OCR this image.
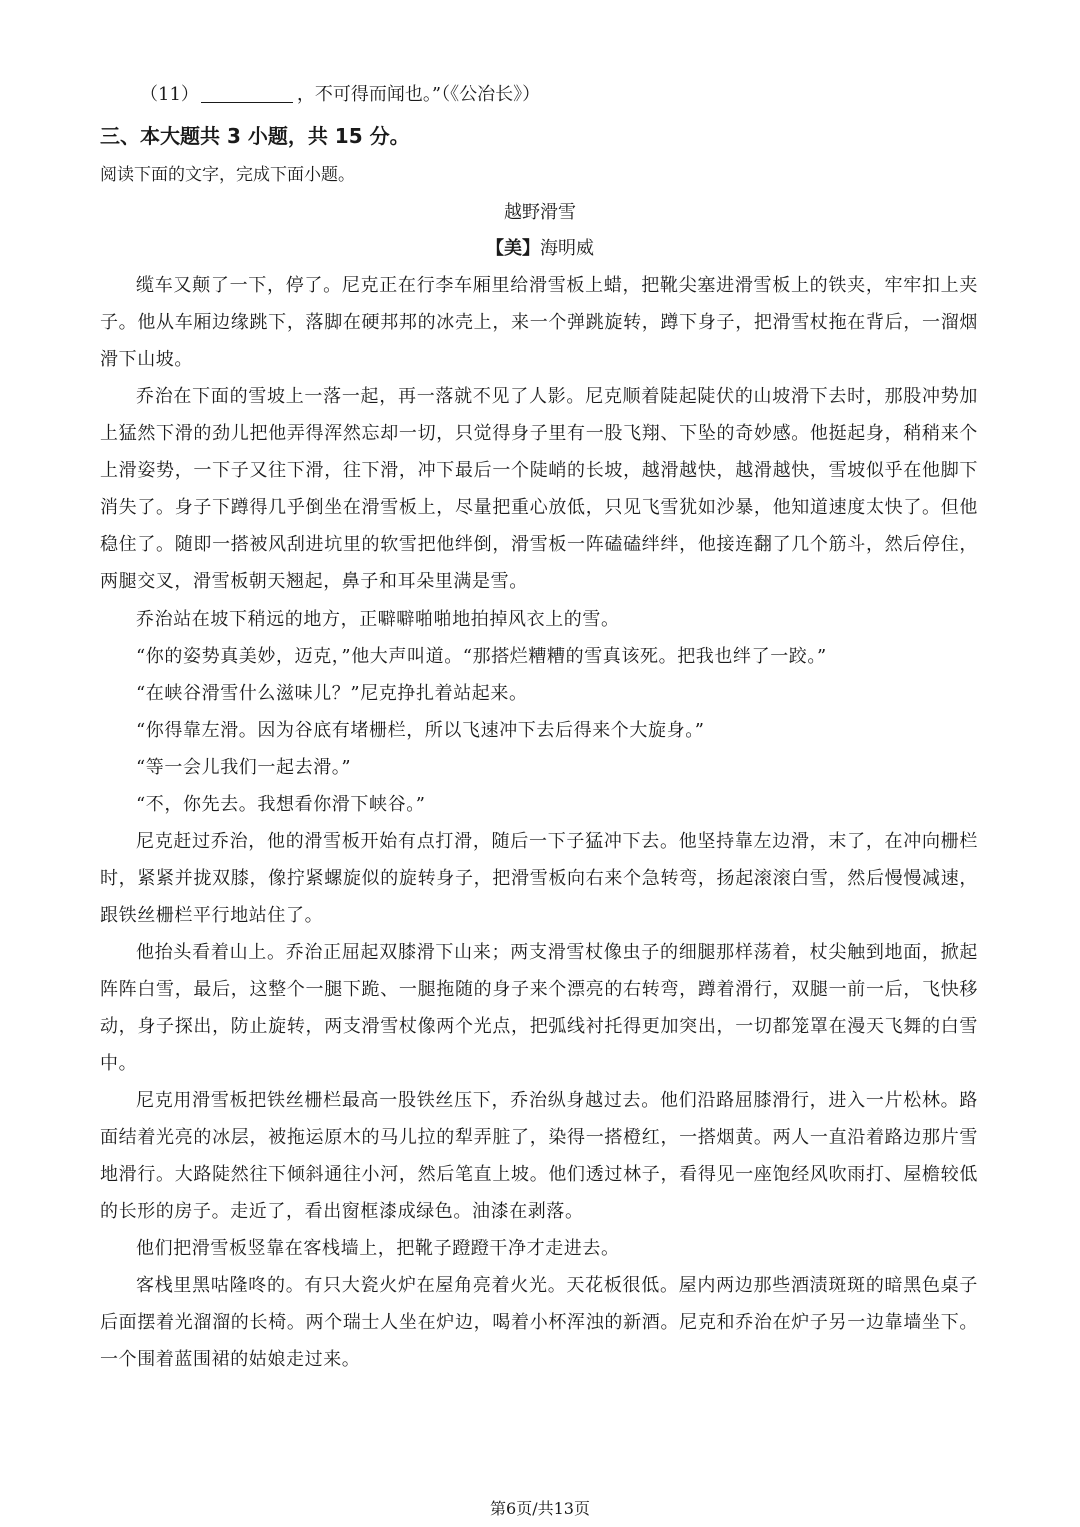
（11）	，不可得而闻也。”（《公冶长》）
三、本大题共 3 小题，共 15 分。
阅读下面的文字，完成下面小题。
越野滑雪
【美】海明威

缆车又颠了一下，停了。尼克正在行李车厢里给滑雪板上蜡，把靴尖塞进滑雪板上的铁夹，牢牢扣上夹子。他从车厢边缘跳下，落脚在硬邦邦的冰壳上，来一个弹跳旋转，蹲下身子，把滑雪杖拖在背后，一溜烟滑下山坡。

乔治在下面的雪坡上一落一起，再一落就不见了人影。尼克顺着陡起陡伏的山坡滑下去时，那股冲势加上猛然下滑的劲儿把他弄得浑然忘却一切，只觉得身子里有一股飞翔、下坠的奇妙感。他挺起身，稍稍来个上滑姿势，一下子又往下滑，往下滑，冲下最后一个陡峭的长坡，越滑越快，越滑越快，雪坡似乎在他脚下消失了。身子下蹲得几乎倒坐在滑雪板上，尽量把重心放低，只见飞雪犹如沙暴，他知道速度太快了。但他稳住了。随即一搭被风刮进坑里的软雪把他绊倒，滑雪板一阵磕磕绊绊，他接连翻了几个筋斗，然后停住，两腿交叉，滑雪板朝天翘起，鼻子和耳朵里满是雪。

乔治站在坡下稍远的地方，正噼噼啪啪地拍掉风衣上的雪。

“你的姿势真美妙，迈克，”他大声叫道。“那搭烂糟糟的雪真该死。把我也绊了一跤。”

“在峡谷滑雪什么滋味儿？”尼克挣扎着站起来。

“你得靠左滑。因为谷底有堵栅栏，所以飞速冲下去后得来个大旋身。”

“等一会儿我们一起去滑。”

“不，你先去。我想看你滑下峡谷。”

尼克赶过乔治，他的滑雪板开始有点打滑，随后一下子猛冲下去。他坚持靠左边滑，末了，在冲向栅栏时，紧紧并拢双膝，像拧紧螺旋似的旋转身子，把滑雪板向右来个急转弯，扬起滚滚白雪，然后慢慢减速，跟铁丝栅栏平行地站住了。

他抬头看着山上。乔治正屈起双膝滑下山来；两支滑雪杖像虫子的细腿那样荡着，杖尖触到地面，掀起阵阵白雪，最后，这整个一腿下跪、一腿拖随的身子来个漂亮的右转弯，蹲着滑行，双腿一前一后，飞快移动，身子探出，防止旋转，两支滑雪杖像两个光点，把弧线衬托得更加突出，一切都笼罩在漫天飞舞的白雪中。

尼克用滑雪板把铁丝栅栏最高一股铁丝压下，乔治纵身越过去。他们沿路屈膝滑行，进入一片松林。路面结着光亮的冰层，被拖运原木的马儿拉的犁弄脏了，染得一搭橙红，一搭烟黄。两人一直沿着路边那片雪地滑行。大路陡然往下倾斜通往小河，然后笔直上坡。他们透过林子，看得见一座饱经风吹雨打、屋檐较低的长形的房子。走近了，看出窗框漆成绿色。油漆在剥落。

他们把滑雪板竖靠在客栈墙上，把靴子蹬蹬干净才走进去。

客栈里黑咕隆咚的。有只大瓷火炉在屋角亮着火光。天花板很低。屋内两边那些酒渍斑斑的暗黑色桌子后面摆着光溜溜的长椅。两个瑞士人坐在炉边，喝着小杯浑浊的新酒。尼克和乔治在炉子另一边靠墙坐下。一个围着蓝围裙的姑娘走过来。

第6页/共13页
